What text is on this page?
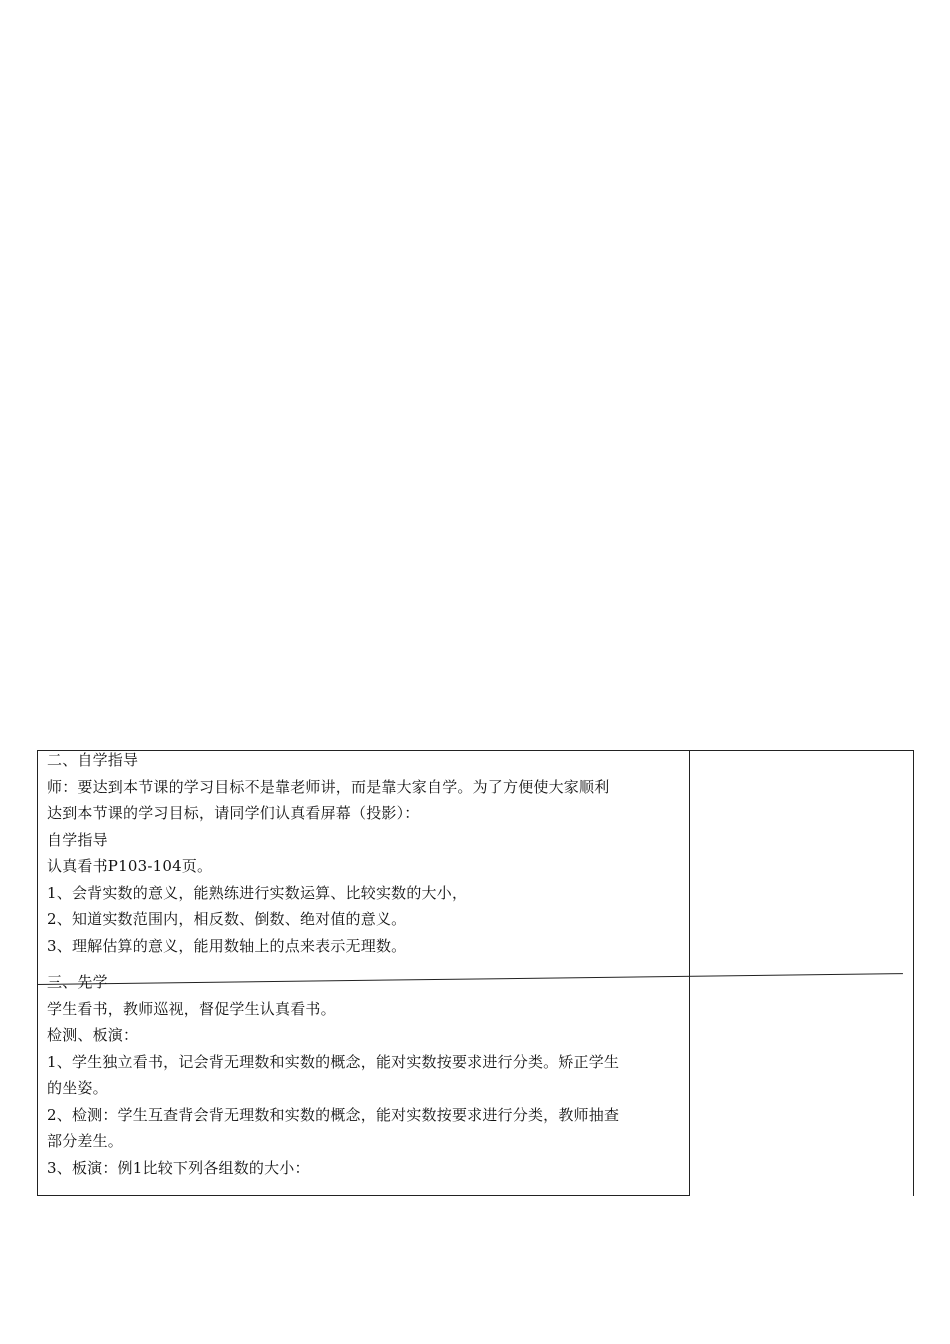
二、自学指导

师：要达到本节课的学习目标不是靠老师讲，而是靠大家自学。为了方便使大家顺利

达到本节课的学习目标，请同学们认真看屏幕（投影）：

自学指导

认真看书P103-104页。

1、会背实数的意义，能熟练进行实数运算、比较实数的大小，

2、知道实数范围内，相反数、倒数、绝对值的意义。

3、理解估算的意义，能用数轴上的点来表示无理数。

三、先学

学生看书，教师巡视，督促学生认真看书。

检测、板演：

1、学生独立看书，记会背无理数和实数的概念，能对实数按要求进行分类。矫正学生

的坐姿。

2、检测：学生互查背会背无理数和实数的概念，能对实数按要求进行分类，教师抽查

部分差生。

3、板演：例1比较下列各组数的大小：
